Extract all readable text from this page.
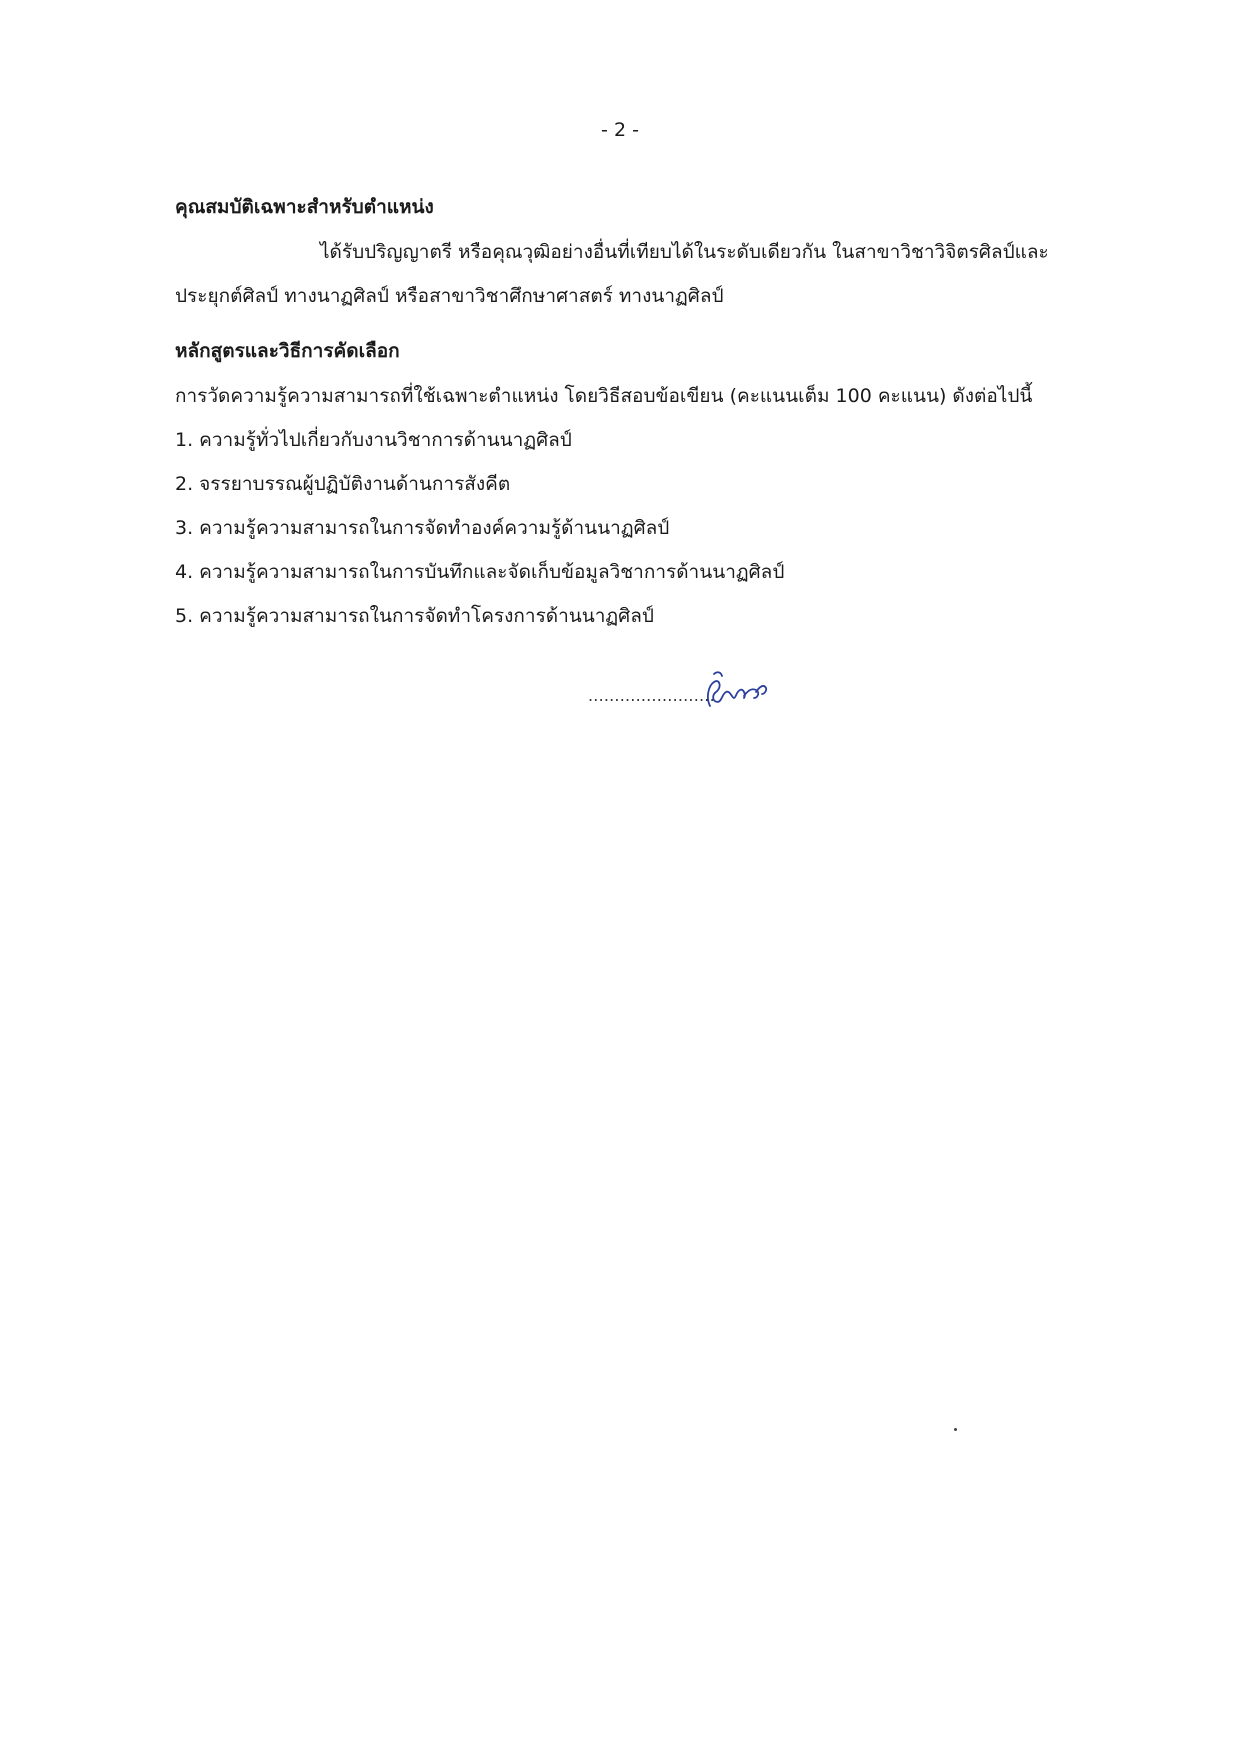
- 2 -
คุณสมบัติเฉพาะสำหรับตำแหน่ง
ได้รับปริญญาตรี หรือคุณวุฒิอย่างอื่นที่เทียบได้ในระดับเดียวกัน ในสาขาวิชาวิจิตรศิลป์และ
ประยุกต์ศิลป์ ทางนาฏศิลป์ หรือสาขาวิชาศึกษาศาสตร์ ทางนาฏศิลป์
หลักสูตรและวิธีการคัดเลือก
การวัดความรู้ความสามารถที่ใช้เฉพาะตำแหน่ง โดยวิธีสอบข้อเขียน (คะแนนเต็ม 100 คะแนน) ดังต่อไปนี้
1. ความรู้ทั่วไปเกี่ยวกับงานวิชาการด้านนาฏศิลป์
2. จรรยาบรรณผู้ปฏิบัติงานด้านการสังคีต
3. ความรู้ความสามารถในการจัดทำองค์ความรู้ด้านนาฏศิลป์
4. ความรู้ความสามารถในการบันทึกและจัดเก็บข้อมูลวิชาการด้านนาฏศิลป์
5. ความรู้ความสามารถในการจัดทำโครงการด้านนาฏศิลป์
........................
